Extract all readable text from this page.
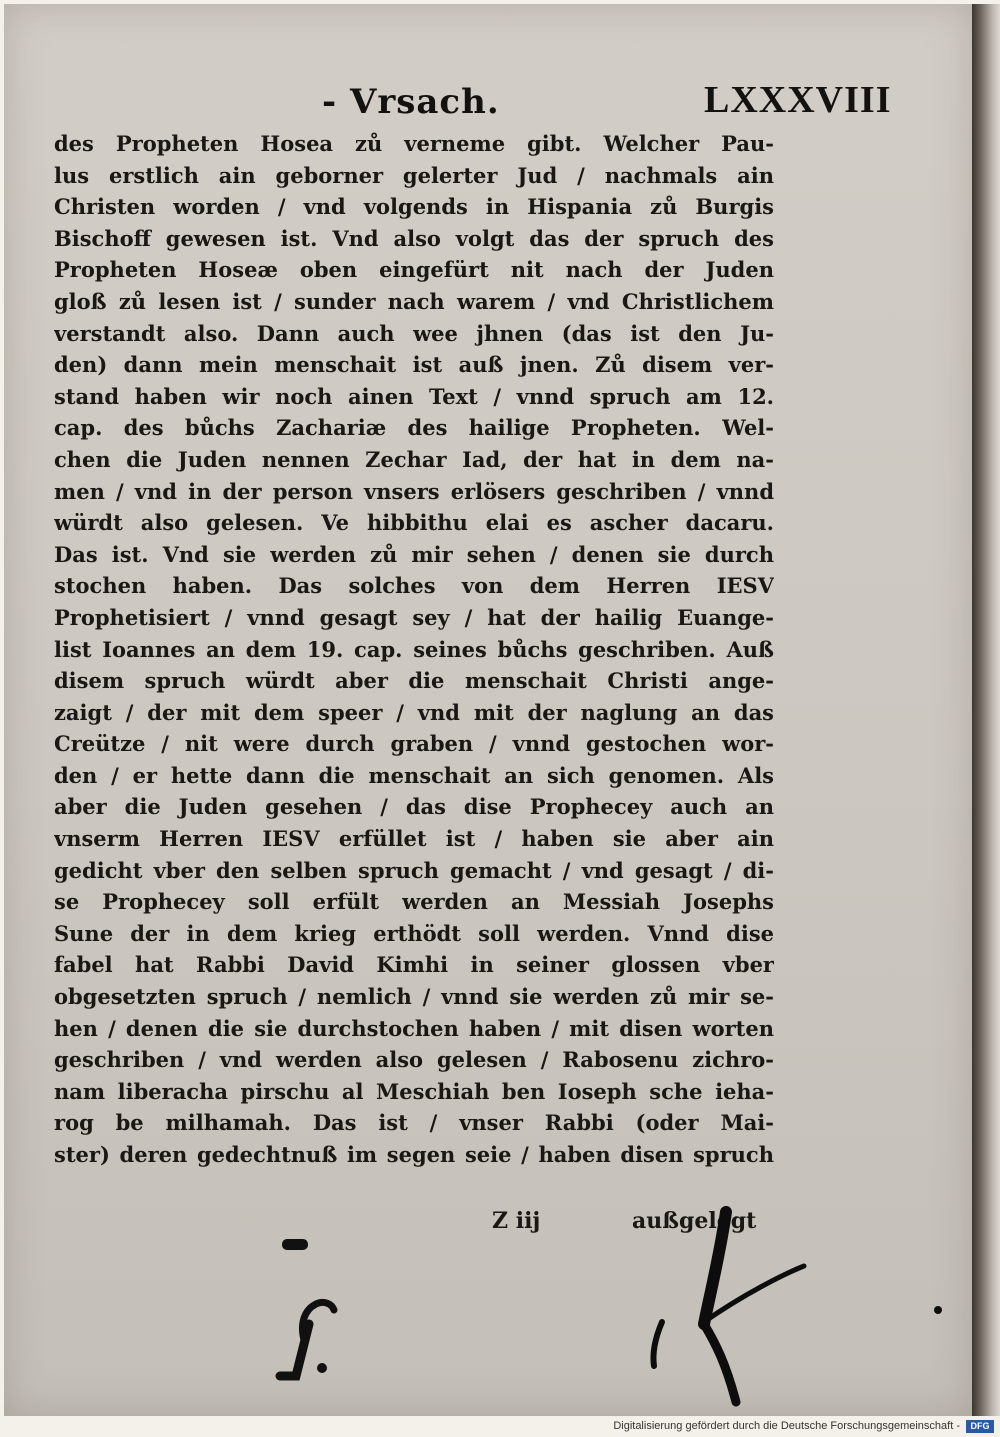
- Vrsach.	LXXXVIII
des Propheten Hosea zů verneme gibt. Welcher Pau-
lus erstlich ain geborner gelerter Jud / nachmals ain
Christen worden / vnd volgends in Hispania zů Burgis
Bischoff gewesen ist. Vnd also volgt das der spruch des
Propheten Hoseæ oben eingefürt nit nach der Juden
gloß zů lesen ist / sunder nach warem / vnd Christlichem
verstandt also. Dann auch wee jhnen (das ist den Ju-
den) dann mein menschait ist auß jnen. Zů disem ver-
stand haben wir noch ainen Text / vnnd spruch am 12.
cap. des bůchs Zachariæ des hailige Propheten. Wel-
chen die Juden nennen Zechar Iad, der hat in dem na-
men / vnd in der person vnsers erlösers geschriben / vnnd
würdt also gelesen. Ve hibbithu elai es ascher dacaru.
Das ist. Vnd sie werden zů mir sehen / denen sie durch
stochen haben. Das solches von dem Herren IESV
Prophetisiert / vnnd gesagt sey / hat der hailig Euange-
list Ioannes an dem 19. cap. seines bůchs geschriben. Auß
disem spruch würdt aber die menschait Christi ange-
zaigt / der mit dem speer / vnd mit der naglung an das
Creütze / nit were durch graben / vnnd gestochen wor-
den / er hette dann die menschait an sich genomen. Als
aber die Juden gesehen / das dise Prophecey auch an
vnserm Herren IESV erfüllet ist / haben sie aber ain
gedicht vber den selben spruch gemacht / vnd gesagt / di-
se Prophecey soll erfült werden an Messiah Josephs
Sune der in dem krieg erthödt soll werden. Vnnd dise
fabel hat Rabbi David Kimhi in seiner glossen vber
obgesetzten spruch / nemlich / vnnd sie werden zů mir se-
hen / denen die sie durchstochen haben / mit disen worten
geschriben / vnd werden also gelesen / Rabosenu zichro-
nam liberacha pirschu al Meschiah ben Ioseph sche ieha-
rog be milhamah. Das ist / vnser Rabbi (oder Mai-
ster) deren gedechtnuß im segen seie / haben disen spruch
Z iij	außgelegt
Digitalisierung gefördert durch die Deutsche Forschungsgemeinschaft -	DFG
